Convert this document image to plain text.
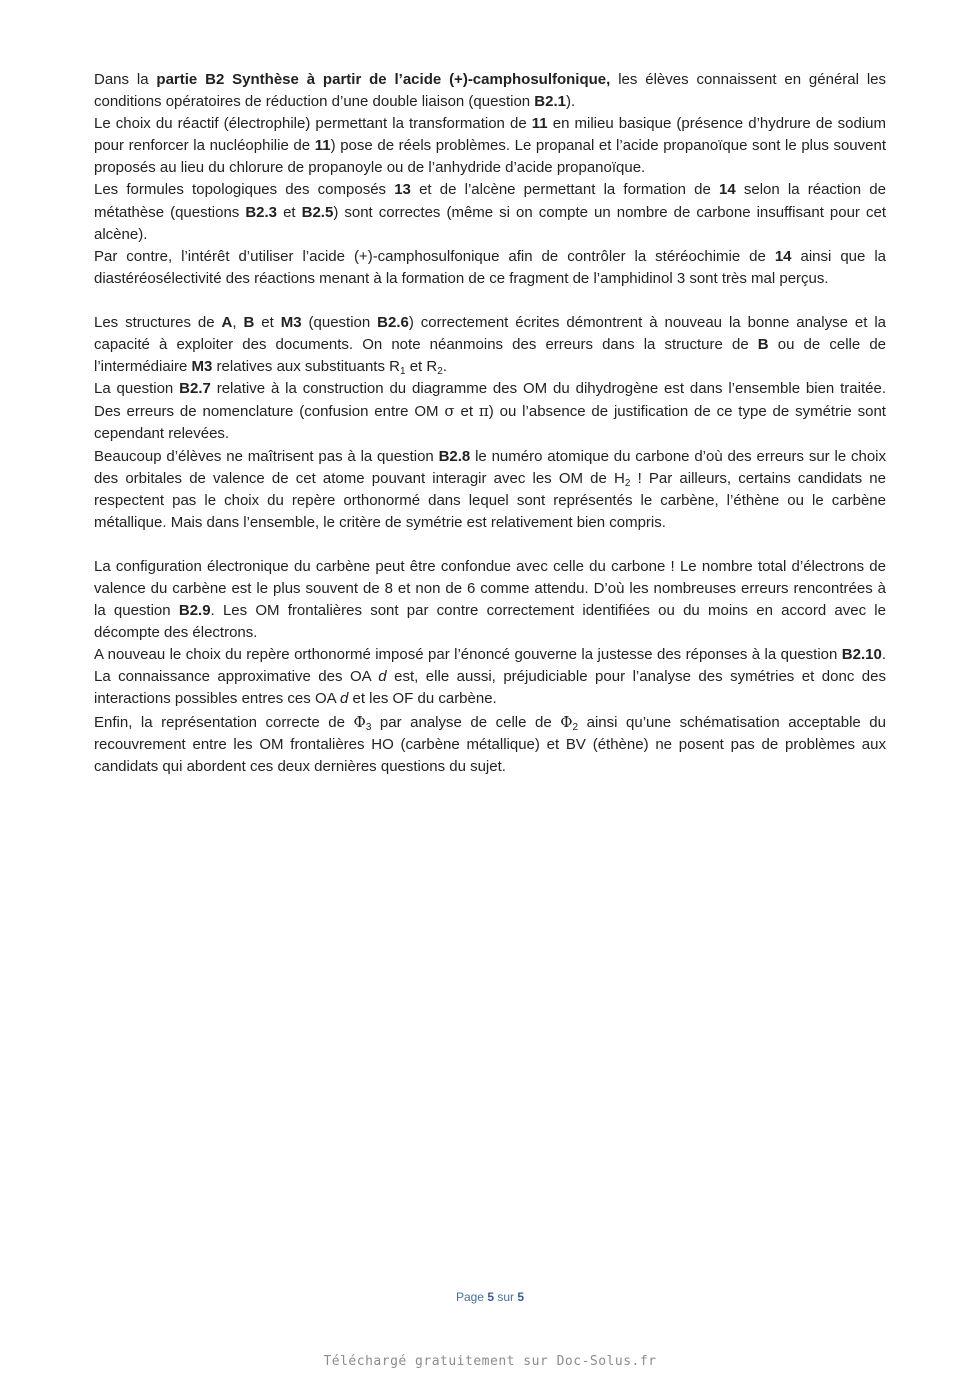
Dans la partie B2 Synthèse à partir de l’acide (+)-camphosulfonique, les élèves connaissent en général les conditions opératoires de réduction d’une double liaison (question B2.1).

Le choix du réactif (électrophile) permettant la transformation de 11 en milieu basique (présence d’hydrure de sodium pour renforcer la nucléophilie de 11) pose de réels problèmes. Le propanal et l’acide propanoïque sont le plus souvent proposés au lieu du chlorure de propanoyle ou de l’anhydride d’acide propanoïque.

Les formules topologiques des composés 13 et de l’alcène permettant la formation de 14 selon la réaction de métathèse (questions B2.3 et B2.5) sont correctes (même si on compte un nombre de carbone insuffisant pour cet alcène).

Par contre, l’intérêt d’utiliser l’acide (+)-camphosulfonique afin de contrôler la stéréochimie de 14 ainsi que la diastéréosélectivité des réactions menant à la formation de ce fragment de l’amphidinol 3 sont très mal perçus.

Les structures de A, B et M3 (question B2.6) correctement écrites démontrent à nouveau la bonne analyse et la capacité à exploiter des documents. On note néanmoins des erreurs dans la structure de B ou de celle de l’intermédiaire M3 relatives aux substituants $R_1$ et $R_2$.

La question B2.7 relative à la construction du diagramme des OM du dihydrogène est dans l’ensemble bien traitée. Des erreurs de nomenclature (confusion entre OM σ et π) ou l’absence de justification de ce type de symétrie sont cependant relevées.

Beaucoup d’élèves ne maîtrisent pas à la question B2.8 le numéro atomique du carbone d’où des erreurs sur le choix des orbitales de valence de cet atome pouvant interagir avec les OM de $H_2$ ! Par ailleurs, certains candidats ne respectent pas le choix du repère orthonormé dans lequel sont représentés le carbène, l’éthène ou le carbène métallique. Mais dans l’ensemble, le critère de symétrie est relativement bien compris.

La configuration électronique du carbène peut être confondue avec celle du carbone ! Le nombre total d’électrons de valence du carbène est le plus souvent de 8 et non de 6 comme attendu. D’où les nombreuses erreurs rencontrées à la question B2.9. Les OM frontalières sont par contre correctement identifiées ou du moins en accord avec le décompte des électrons.

A nouveau le choix du repère orthonormé imposé par l’énoncé gouverne la justesse des réponses à la question B2.10. La connaissance approximative des OA d est, elle aussi, préjudiciable pour l’analyse des symétries et donc des interactions possibles entres ces OA d et les OF du carbène.

Enfin, la représentation correcte de $\Phi_3$ par analyse de celle de $\Phi_2$ ainsi qu’une schématisation acceptable du recouvrement entre les OM frontalières HO (carbène métallique) et BV (éthène) ne posent pas de problèmes aux candidats qui abordent ces deux dernières questions du sujet.

Page 5 sur 5
Téléchargé gratuitement sur Doc-Solus.fr
